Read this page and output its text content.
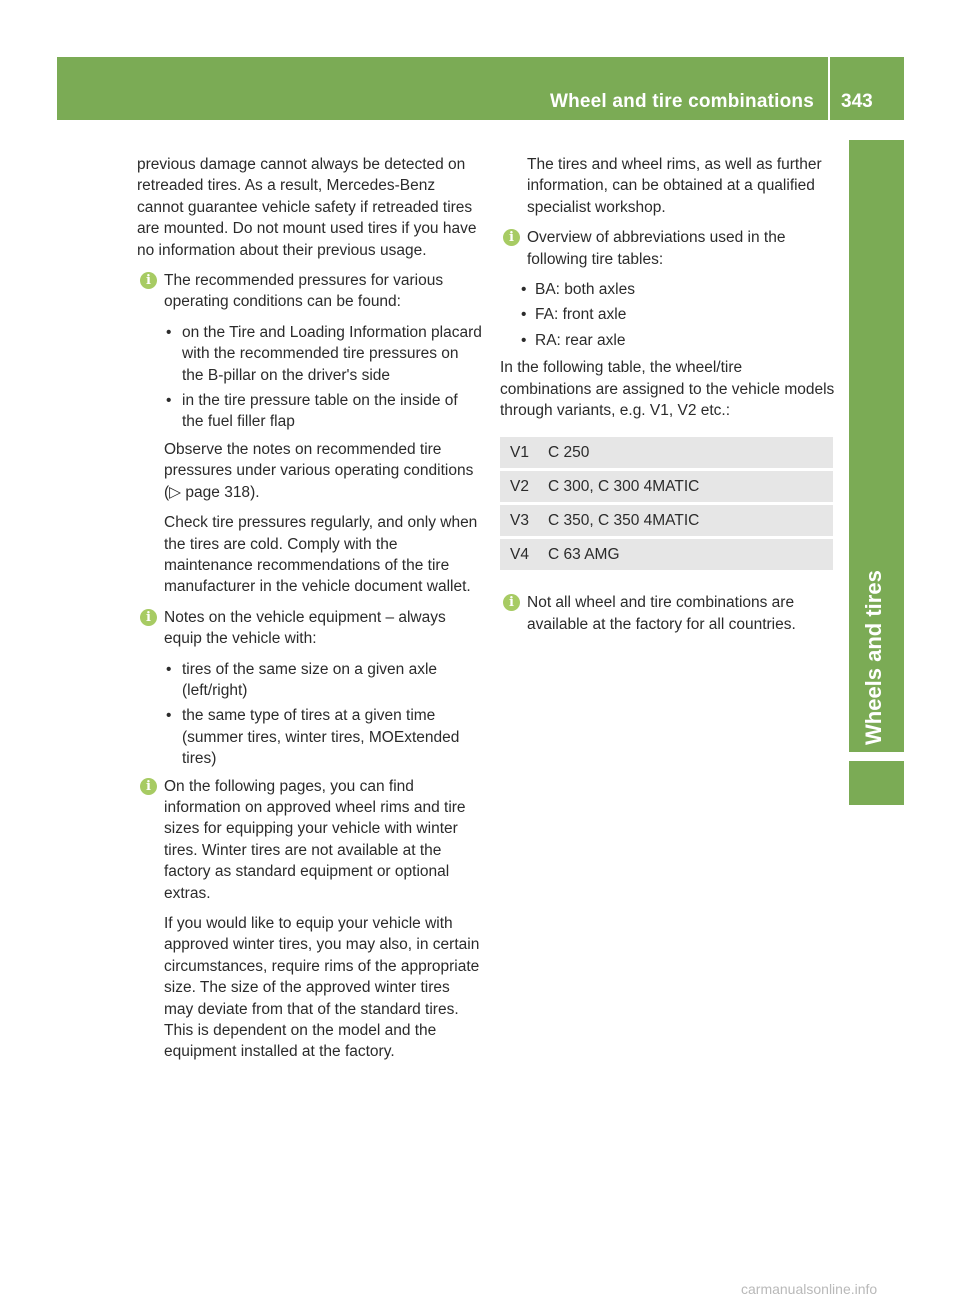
Wheel and tire combinations 343
Wheels and tires

previous damage cannot always be detected on retreaded tires. As a result, Mercedes-Benz cannot guarantee vehicle safety if retreaded tires are mounted. Do not mount used tires if you have no information about their previous usage.

i The recommended pressures for various operating conditions can be found:

• on the Tire and Loading Information placard with the recommended tire pressures on the B-pillar on the driver's side
• in the tire pressure table on the inside of the fuel filler flap

Observe the notes on recommended tire pressures under various operating conditions (▷ page 318).

Check tire pressures regularly, and only when the tires are cold. Comply with the maintenance recommendations of the tire manufacturer in the vehicle document wallet.

i Notes on the vehicle equipment – always equip the vehicle with:

• tires of the same size on a given axle (left/right)
• the same type of tires at a given time (summer tires, winter tires, MOExtended tires)
i On the following pages, you can find information on approved wheel rims and tire sizes for equipping your vehicle with winter tires. Winter tires are not available at the factory as standard equipment or optional extras.

If you would like to equip your vehicle with approved winter tires, you may also, in certain circumstances, require rims of the appropriate size. The size of the approved winter tires may deviate from that of the standard tires. This is dependent on the model and the equipment installed at the factory.

The tires and wheel rims, as well as further information, can be obtained at a qualified specialist workshop.

i Overview of abbreviations used in the following tire tables:

• BA: both axles
• FA: front axle
• RA: rear axle

In the following table, the wheel/tire combinations are assigned to the vehicle models through variants, e.g. V1, V2 etc.:

V1	C 250
V2	C 300, C 300 4MATIC
V3	C 350, C 350 4MATIC
V4	C 63 AMG
i Not all wheel and tire combinations are available at the factory for all countries.

carmanualsonline.info
